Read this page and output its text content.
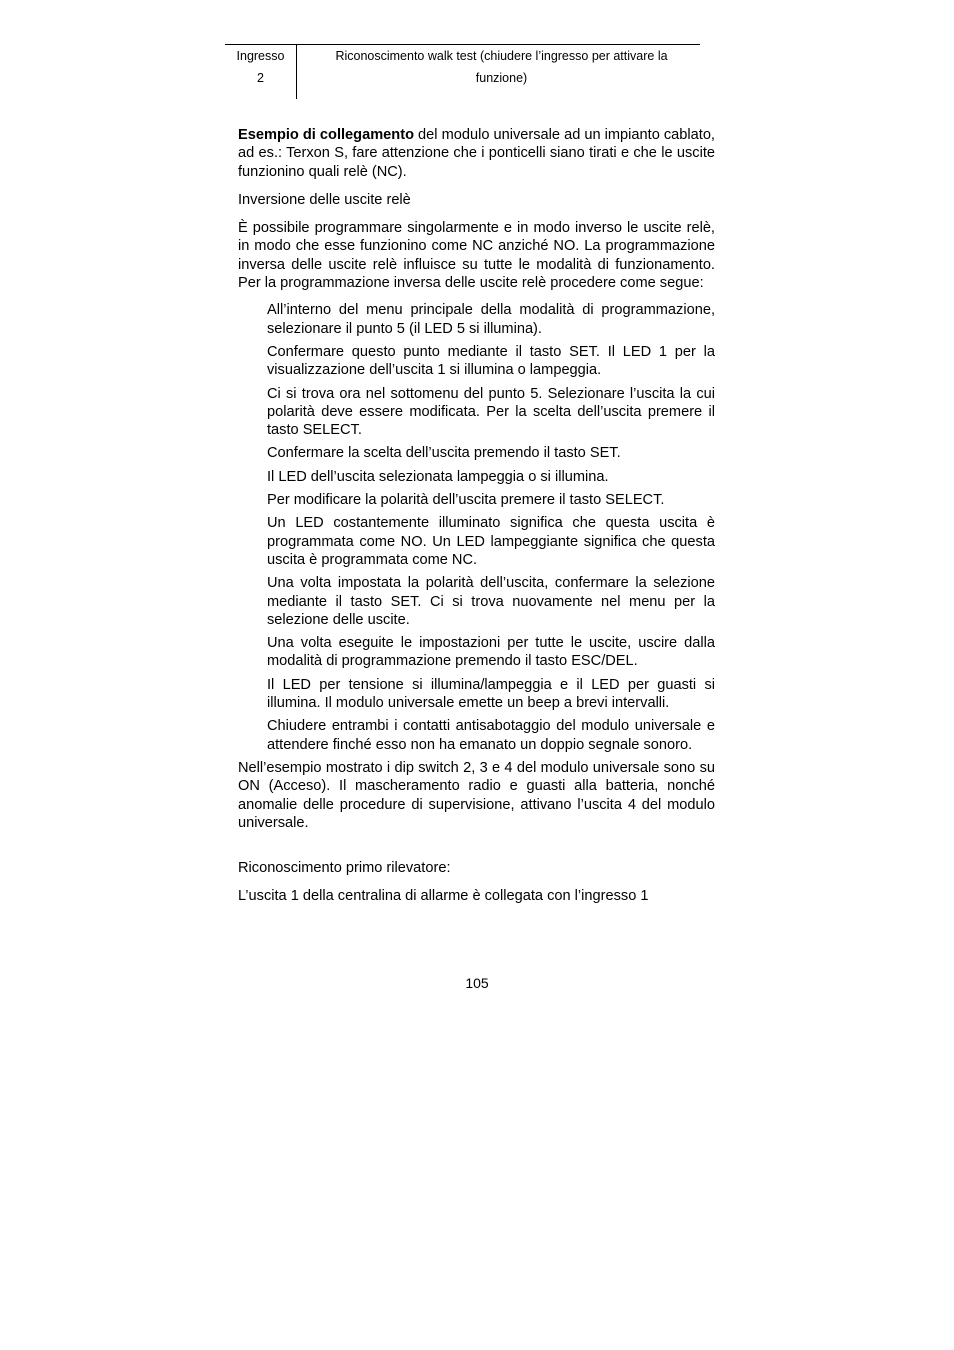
Ingresso
2
Riconoscimento walk test (chiudere l’ingresso per attivare la
funzione)

Esempio di collegamento del modulo universale ad un impianto cablato, ad es.: Terxon S, fare attenzione che i ponticelli siano tirati e che le uscite funzionino quali relè (NC).

Inversione delle uscite relè

È possibile programmare singolarmente e in modo inverso le uscite relè, in modo che esse funzionino come NC anziché NO. La programmazione inversa delle uscite relè influisce su tutte le modalità di funzionamento. Per la programmazione inversa delle uscite relè procedere come segue:

All’interno del menu principale della modalità di programmazione, selezionare il punto 5 (il LED 5 si illumina).
Confermare questo punto mediante il tasto SET. Il LED 1 per la visualizzazione dell’uscita 1 si illumina o lampeggia.
Ci si trova ora nel sottomenu del punto 5. Selezionare l’uscita la cui polarità deve essere modificata. Per la scelta dell’uscita premere il tasto SELECT.
Confermare la scelta dell’uscita premendo il tasto SET.
Il LED dell’uscita selezionata lampeggia o si illumina.
Per modificare la polarità dell’uscita premere il tasto SELECT.
Un LED costantemente illuminato significa che questa uscita è programmata come NO. Un LED lampeggiante significa che questa uscita è programmata come NC.
Una volta impostata la polarità dell’uscita, confermare la selezione mediante il tasto SET. Ci si trova nuovamente nel menu per la selezione delle uscite.
Una volta eseguite le impostazioni per tutte le uscite, uscire dalla modalità di programmazione premendo il tasto ESC/DEL.
Il LED per tensione si illumina/lampeggia e il LED per guasti si illumina. Il modulo universale emette un beep a brevi intervalli.
Chiudere entrambi i contatti antisabotaggio del modulo universale e attendere finché esso non ha emanato un doppio segnale sonoro.

Nell’esempio mostrato i dip switch 2, 3 e 4 del modulo universale sono su ON (Acceso). Il mascheramento radio e guasti alla batteria, nonché anomalie delle procedure di supervisione, attivano l’uscita 4 del modulo universale.

Riconoscimento primo rilevatore:

L’uscita 1 della centralina di allarme è collegata con l’ingresso 1

105
